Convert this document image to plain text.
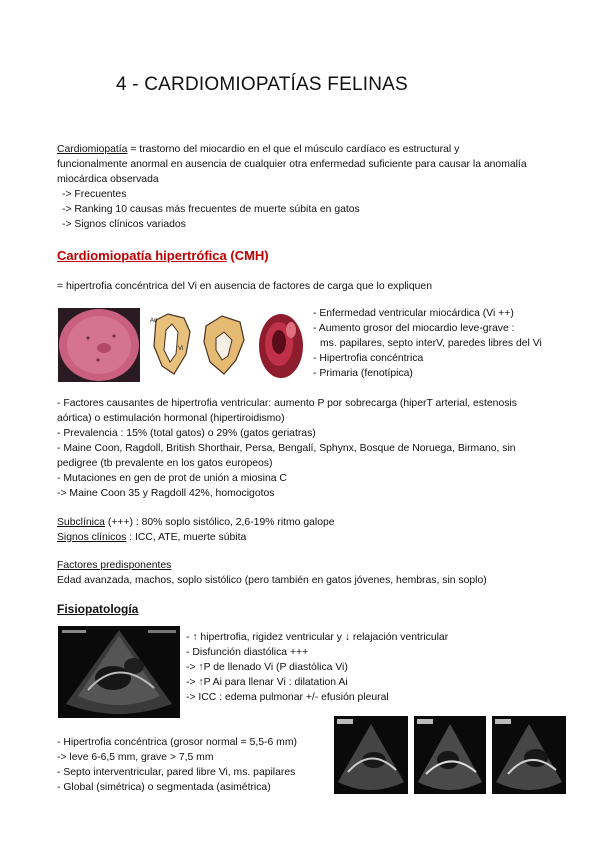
4 - CARDIOMIOPATÍAS FELINAS
Cardiomiopatía = trastorno del miocardio en el que el músculo cardíaco es estructural y
funcionalmente anormal en ausencia de cualquier otra enfermedad suficiente para causar la anomalía
miocárdica observada
-> Frecuentes
-> Ranking 10 causas más frecuentes de muerte súbita en gatos
-> Signos clínicos variados
Cardiomiopatía hipertrófica (CMH)
= hipertrofia concéntrica del Vi en ausencia de factores de carga que lo expliquen
Ao
Vi
- Enfermedad ventricular miocárdica (Vi ++)
- Aumento grosor del miocardio leve-grave :
ms. papilares, septo interV, paredes libres del Vi
- Hipertrofia concéntrica
- Primaria (fenotípica)
- Factores causantes de hipertrofia ventricular: aumento P por sobrecarga (hiperT arterial, estenosis
aórtica) o estimulación hormonal (hipertiroidismo)
- Prevalencia : 15% (total gatos) o 29% (gatos geriatras)
- Maine Coon, Ragdoll, British Shorthair, Persa, Bengalí, Sphynx, Bosque de Noruega, Birmano, sin
pedigree (tb prevalente en los gatos europeos)
- Mutaciones en gen de prot de unión a miosina C
-> Maine Coon 35 y Ragdoll 42%, homocigotos
Subclínica (+++) : 80% soplo sistólico, 2,6-19% ritmo galope
Signos clínicos : ICC, ATE, muerte súbita
Factores predisponentes
Edad avanzada, machos, soplo sistólico (pero también en gatos jóvenes, hembras, sin soplo)
Fisiopatología
- ↑ hipertrofia, rigidez ventricular y ↓ relajación ventricular
- Disfunción diastólica +++
-> ↑P de llenado Vi (P diastólica Vi)
-> ↑P Ai para llenar Vi : dilatation Ai
-> ICC : edema pulmonar +/- efusión pleural
- Hipertrofia concéntrica (grosor normal = 5,5-6 mm)
-> leve 6-6,5 mm, grave > 7,5 mm
- Septo interventricular, pared libre Vi, ms. papilares
- Global (simétrica) o segmentada (asimétrica)
